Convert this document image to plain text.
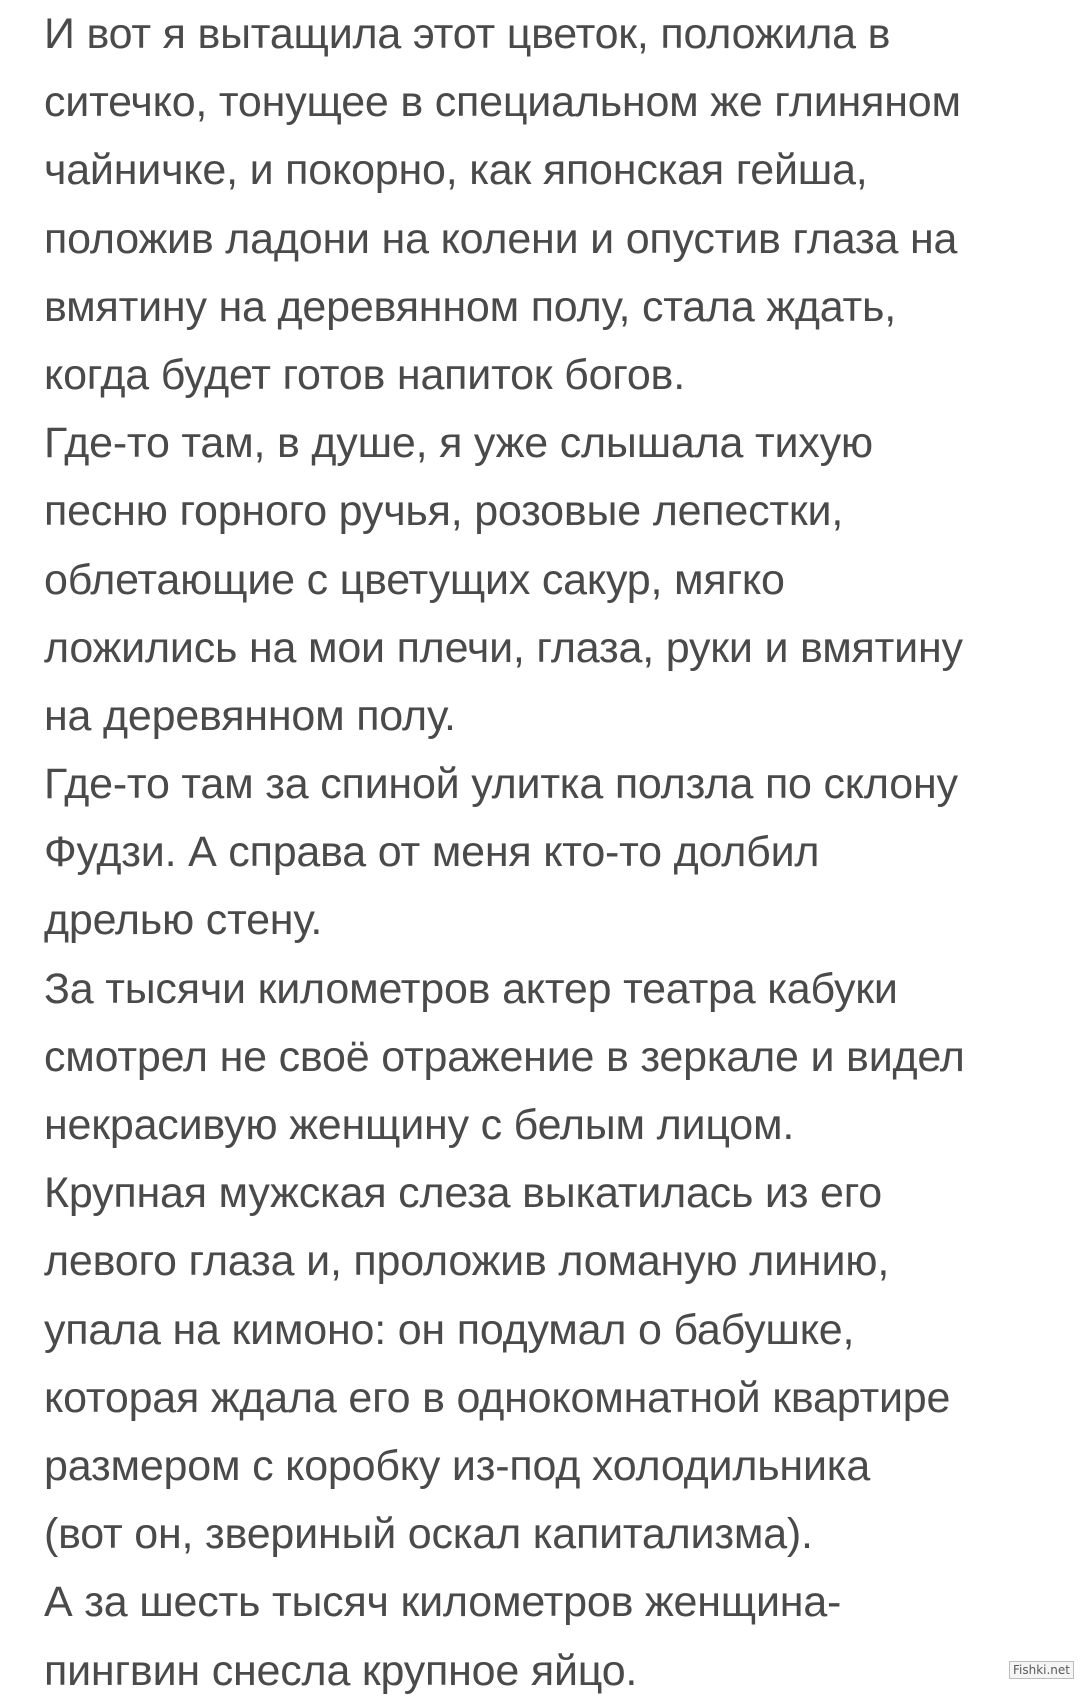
И вот я вытащила этот цветок, положила в
ситечко, тонущее в специальном же глиняном
чайничке, и покорно, как японская гейша,
положив ладони на колени и опустив глаза на
вмятину на деревянном полу, стала ждать,
когда будет готов напиток богов.
Где-то там, в душе, я уже слышала тихую
песню горного ручья, розовые лепестки,
облетающие с цветущих сакур, мягко
ложились на мои плечи, глаза, руки и вмятину
на деревянном полу.
Где-то там за спиной улитка ползла по склону
Фудзи. А справа от меня кто-то долбил
дрелью стену.
За тысячи километров актер театра кабуки
смотрел не своё отражение в зеркале и видел
некрасивую женщину с белым лицом.
Крупная мужская слеза выкатилась из его
левого глаза и, проложив ломаную линию,
упала на кимоно: он подумал о бабушке,
которая ждала его в однокомнатной квартире
размером с коробку из-под холодильника
(вот он, звериный оскал капитализма).
А за шесть тысяч километров женщина-
пингвин снесла крупное яйцо.	Fishki.net
